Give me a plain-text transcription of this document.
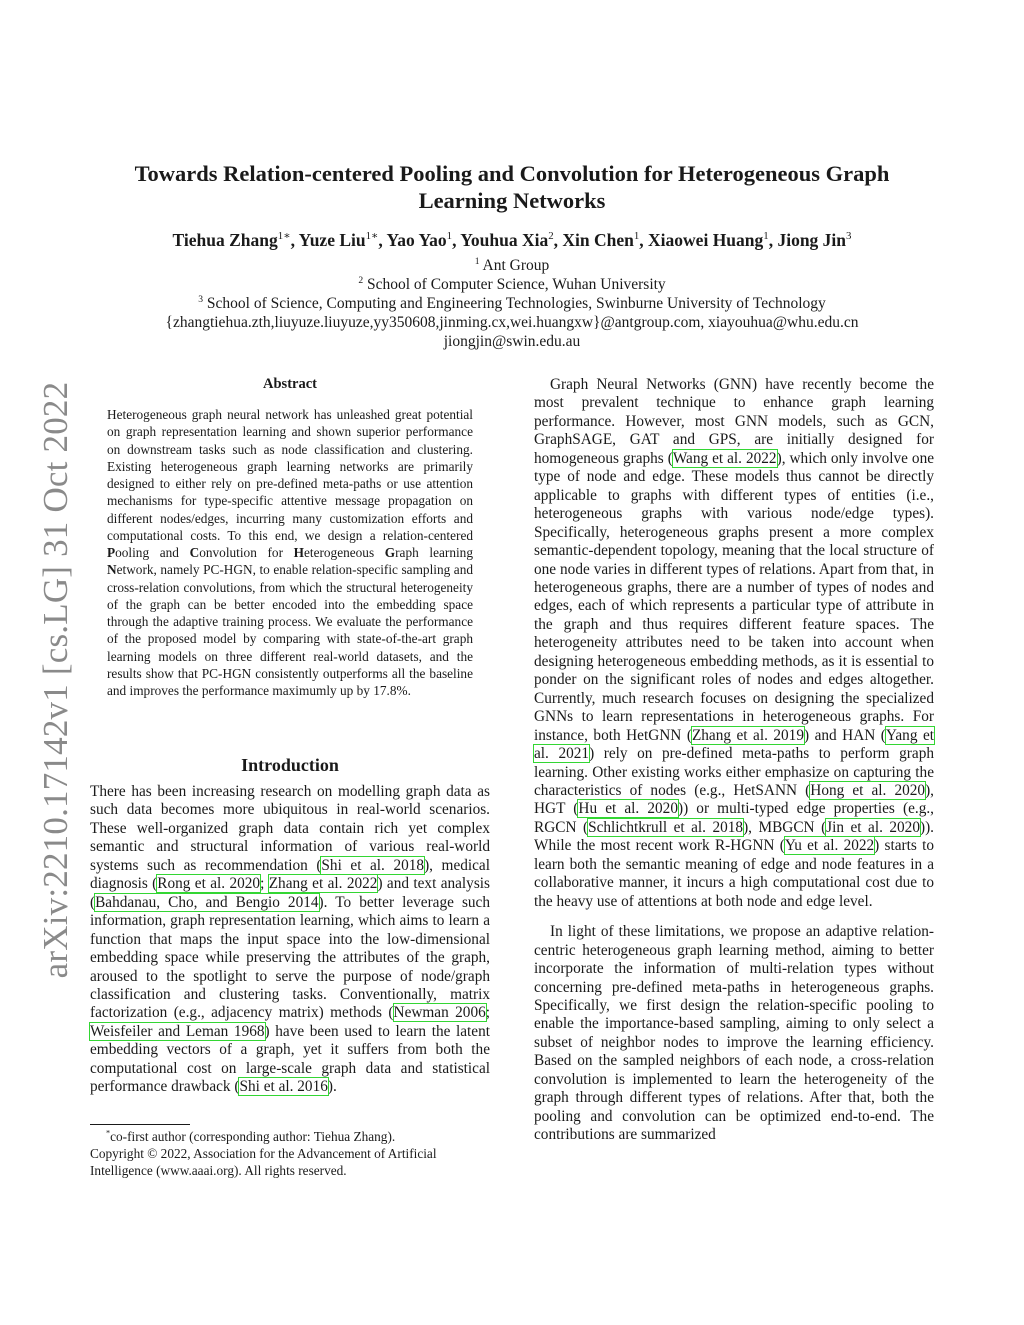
arXiv:2210.17142v1 [cs.LG] 31 Oct 2022
Towards Relation-centered Pooling and Convolution for Heterogeneous Graph Learning Networks
Tiehua Zhang$^{1∗}$, Yuze Liu$^{1∗}$, Yao Yao$^1$, Youhua Xia$^2$, Xin Chen$^1$, Xiaowei Huang$^1$, Jiong Jin$^3$
$^1$ Ant Group
$^2$ School of Computer Science, Wuhan University
$^3$ School of Science, Computing and Engineering Technologies, Swinburne University of Technology
{zhangtiehua.zth,liuyuze.liuyuze,yy350608,jinming.cx,wei.huangxw}@antgroup.com, xiayouhua@whu.edu.cn
jiongjin@swin.edu.au
Abstract
Heterogeneous graph neural network has unleashed great potential on graph representation learning and shown superior performance on downstream tasks such as node classification and clustering. Existing heterogeneous graph learning networks are primarily designed to either rely on pre-defined meta-paths or use attention mechanisms for type-specific attentive message propagation on different nodes/edges, incurring many customization efforts and computational costs. To this end, we design a relation-centered Pooling and Convolution for Heterogeneous Graph learning Network, namely PC-HGN, to enable relation-specific sampling and cross-relation convolutions, from which the structural heterogeneity of the graph can be better encoded into the embedding space through the adaptive training process. We evaluate the performance of the proposed model by comparing with state-of-the-art graph learning models on three different real-world datasets, and the results show that PC-HGN consistently outperforms all the baseline and improves the performance maximumly up by 17.8%.
Introduction

There has been increasing research on modelling graph data as such data becomes more ubiquitous in real-world scenarios. These well-organized graph data contain rich yet complex semantic and structural information of various real-world systems such as recommendation (Shi et al. 2018), medical diagnosis (Rong et al. 2020; Zhang et al. 2022) and text analysis (Bahdanau, Cho, and Bengio 2014). To better leverage such information, graph representation learning, which aims to learn a function that maps the input space into the low-dimensional embedding space while preserving the attributes of the graph, aroused to the spotlight to serve the purpose of node/graph classification and clustering tasks. Conventionally, matrix factorization (e.g., adjacency matrix) methods (Newman 2006; Weisfeiler and Leman 1968) have been used to learn the latent embedding vectors of a graph, yet it suffers from both the computational cost on large-scale graph data and statistical performance drawback (Shi et al. 2016).

Graph Neural Networks (GNN) have recently become the most prevalent technique to enhance graph learning performance. However, most GNN models, such as GCN, GraphSAGE, GAT and GPS, are initially designed for homogeneous graphs (Wang et al. 2022), which only involve one type of node and edge. These models thus cannot be directly applicable to graphs with different types of entities (i.e., heterogeneous graphs with various node/edge types). Specifically, heterogeneous graphs present a more complex semantic-dependent topology, meaning that the local structure of one node varies in different types of relations. Apart from that, in heterogeneous graphs, there are a number of types of nodes and edges, each of which represents a particular type of attribute in the graph and thus requires different feature spaces. The heterogeneity attributes need to be taken into account when designing heterogeneous embedding methods, as it is essential to ponder on the significant roles of nodes and edges altogether. Currently, much research focuses on designing the specialized GNNs to learn representations in heterogeneous graphs. For instance, both HetGNN (Zhang et al. 2019) and HAN (Yang et al. 2021) rely on pre-defined meta-paths to perform graph learning. Other existing works either emphasize on capturing the characteristics of nodes (e.g., HetSANN (Hong et al. 2020), HGT (Hu et al. 2020)) or multi-typed edge properties (e.g., RGCN (Schlichtkrull et al. 2018), MBGCN (Jin et al. 2020)). While the most recent work R-HGNN (Yu et al. 2022) starts to learn both the semantic meaning of edge and node features in a collaborative manner, it incurs a high computational cost due to the heavy use of attentions at both node and edge level.

In light of these limitations, we propose an adaptive relation-centric heterogeneous graph learning method, aiming to better incorporate the information of multi-relation types without concerning pre-defined meta-paths in heterogeneous graphs. Specifically, we first design the relation-specific pooling to enable the importance-based sampling, aiming to only select a subset of neighbor nodes to improve the learning efficiency. Based on the sampled neighbors of each node, a cross-relation convolution is implemented to learn the heterogeneity of the graph through different types of relations. After that, both the pooling and convolution can be optimized end-to-end. The contributions are summarized

*co-first author (corresponding author: Tiehua Zhang).
Copyright © 2022, Association for the Advancement of Artificial Intelligence (www.aaai.org). All rights reserved.
